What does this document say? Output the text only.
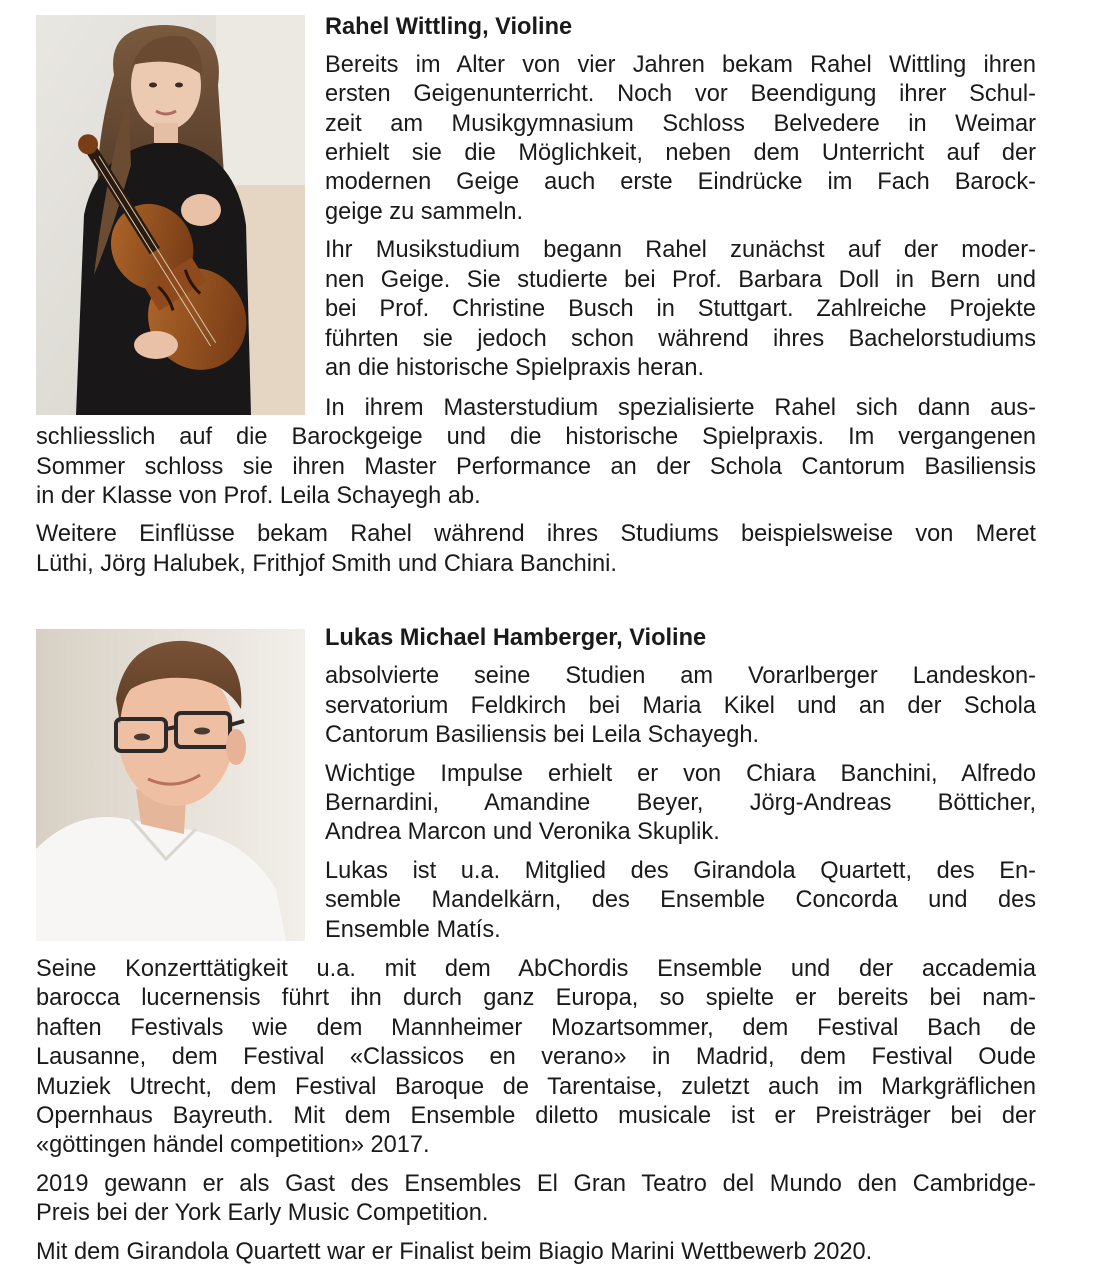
Rahel Wittling, Violine

Bereits im Alter von vier Jahren bekam Rahel Wittling ihren

ersten Geigenunterricht. Noch vor Beendigung ihrer Schul-

zeit am Musikgymnasium Schloss Belvedere in Weimar

erhielt sie die Möglichkeit, neben dem Unterricht auf der

modernen Geige auch erste Eindrücke im Fach Barock-

geige zu sammeln.

Ihr Musikstudium begann Rahel zunächst auf der moder-

nen Geige. Sie studierte bei Prof. Barbara Doll in Bern und

bei Prof. Christine Busch in Stuttgart. Zahlreiche Projekte

führten sie jedoch schon während ihres Bachelorstudiums

an die historische Spielpraxis heran.

In ihrem Masterstudium spezialisierte Rahel sich dann aus-

schliesslich auf die Barockgeige und die historische Spielpraxis. Im vergangenen

Sommer schloss sie ihren Master Performance an der Schola Cantorum Basiliensis

in der Klasse von Prof. Leila Schayegh ab.

Weitere Einflüsse bekam Rahel während ihres Studiums beispielsweise von Meret

Lüthi, Jörg Halubek, Frithjof Smith und Chiara Banchini.

Lukas Michael Hamberger, Violine

absolvierte seine Studien am Vorarlberger Landeskon-

servatorium Feldkirch bei Maria Kikel und an der Schola

Cantorum Basiliensis bei Leila Schayegh.

Wichtige Impulse erhielt er von Chiara Banchini, Alfredo

Bernardini, Amandine Beyer, Jörg-Andreas Bötticher,

Andrea Marcon und Veronika Skuplik.

Lukas ist u.a. Mitglied des Girandola Quartett, des En-

semble Mandelkärn, des Ensemble Concorda und des

Ensemble Matís.

Seine Konzerttätigkeit u.a. mit dem AbChordis Ensemble und der accademia

barocca lucernensis führt ihn durch ganz Europa, so spielte er bereits bei nam-

haften Festivals wie dem Mannheimer Mozartsommer, dem Festival Bach de

Lausanne, dem Festival «Classicos en verano» in Madrid, dem Festival Oude

Muziek Utrecht, dem Festival Baroque de Tarentaise, zuletzt auch im Markgräflichen

Opernhaus Bayreuth. Mit dem Ensemble diletto musicale ist er Preisträger bei der

«göttingen händel competition» 2017.

2019 gewann er als Gast des Ensembles El Gran Teatro del Mundo den Cambridge-

Preis bei der York Early Music Competition.

Mit dem Girandola Quartett war er Finalist beim Biagio Marini Wettbewerb 2020.
